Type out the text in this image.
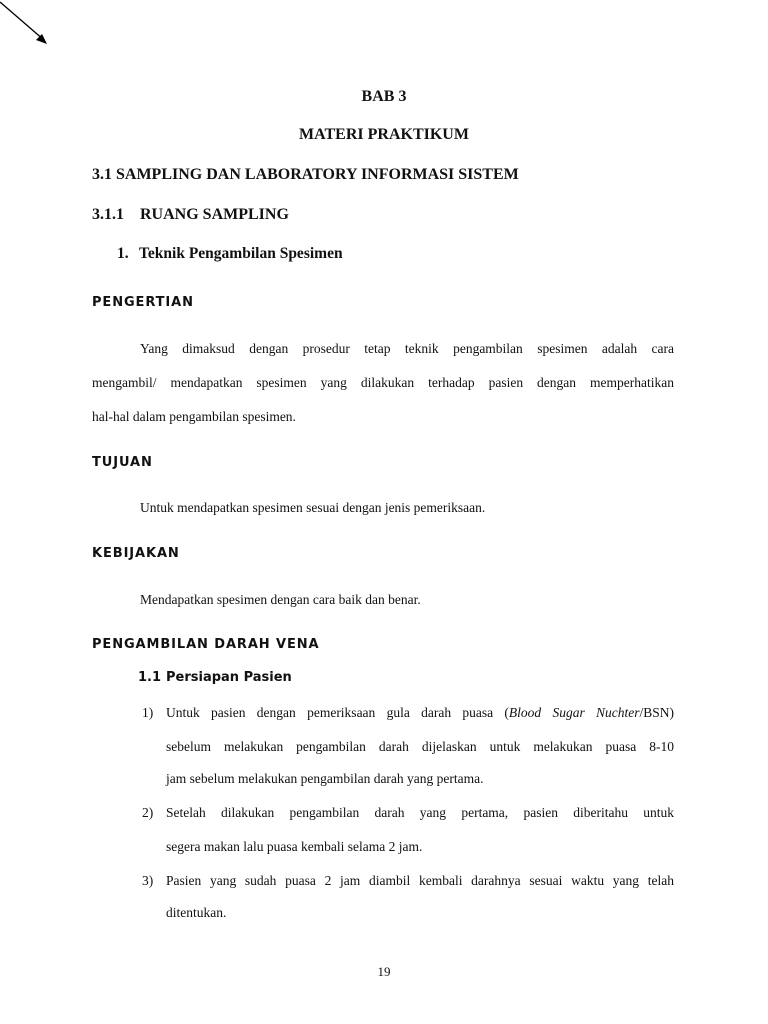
BAB 3
MATERI PRAKTIKUM
3.1 SAMPLING DAN LABORATORY INFORMASI SISTEM
3.1.1 RUANG SAMPLING
1. Teknik Pengambilan Spesimen
PENGERTIAN
Yang dimaksud dengan prosedur tetap teknik pengambilan spesimen adalah cara
mengambil/ mendapatkan spesimen yang dilakukan terhadap pasien dengan memperhatikan
hal-hal dalam pengambilan spesimen.
TUJUAN
Untuk mendapatkan spesimen sesuai dengan jenis pemeriksaan.
KEBIJAKAN
Mendapatkan spesimen dengan cara baik dan benar.
PENGAMBILAN DARAH VENA
1.1 Persiapan Pasien
1) Untuk pasien dengan pemeriksaan gula darah puasa (Blood Sugar Nuchter/BSN)
sebelum melakukan pengambilan darah dijelaskan untuk melakukan puasa 8-10
jam sebelum melakukan pengambilan darah yang pertama.
2) Setelah dilakukan pengambilan darah yang pertama, pasien diberitahu untuk
segera makan lalu puasa kembali selama 2 jam.
3) Pasien yang sudah puasa 2 jam diambil kembali darahnya sesuai waktu yang telah
ditentukan.
19
